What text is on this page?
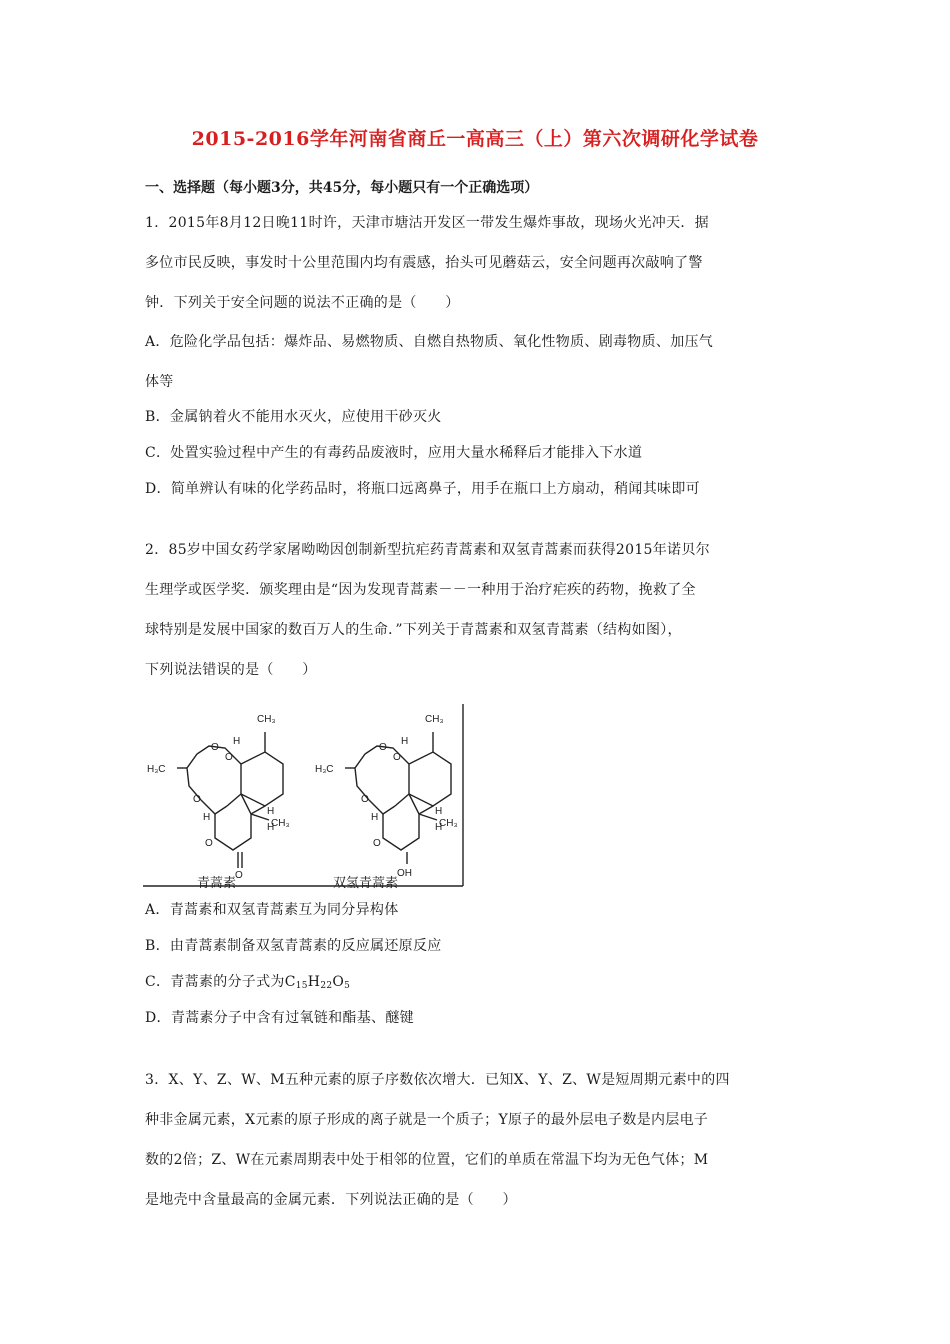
2015-2016学年河南省商丘一高高三（上）第六次调研化学试卷
一、选择题（每小题3分，共45分，每小题只有一个正确选项）
1．2015年8月12日晚11时许，天津市塘沽开发区一带发生爆炸事故，现场火光冲天．据
多位市民反映，事发时十公里范围内均有震感，抬头可见蘑菇云，安全问题再次敲响了警
钟．下列关于安全问题的说法不正确的是（　　）
A．危险化学品包括：爆炸品、易燃物质、自燃自热物质、氧化性物质、剧毒物质、加压气
体等
B．金属钠着火不能用水灭火，应使用干砂灭火
C．处置实验过程中产生的有毒药品废液时，应用大量水稀释后才能排入下水道
D．简单辨认有味的化学药品时，将瓶口远离鼻子，用手在瓶口上方扇动，稍闻其味即可
2．85岁中国女药学家屠呦呦因创制新型抗疟药青蒿素和双氢青蒿素而获得2015年诺贝尔
生理学或医学奖．颁奖理由是“因为发现青蒿素－－一种用于治疗疟疾的药物，挽救了全
球特别是发展中国家的数百万人的生命．”下列关于青蒿素和双氢青蒿素（结构如图），
下列说法错误的是（　　）
CH₃
H
O
O
H₃C
O
H
H
H
CH₃
O
O
CH₃
H
O
O
H₃C
O
H
H
H
CH₃
O
OH
青蒿素	双氢青蒿素
A．青蒿素和双氢青蒿素互为同分异构体
B．由青蒿素制备双氢青蒿素的反应属还原反应
C．青蒿素的分子式为$C_{15}H_{22}O_5$
D．青蒿素分子中含有过氧链和酯基、醚键
3．X、Y、Z、W、M五种元素的原子序数依次增大．已知X、Y、Z、W是短周期元素中的四
种非金属元素，X元素的原子形成的离子就是一个质子；Y原子的最外层电子数是内层电子
数的2倍；Z、W在元素周期表中处于相邻的位置，它们的单质在常温下均为无色气体；M
是地壳中含量最高的金属元素．下列说法正确的是（　　）
